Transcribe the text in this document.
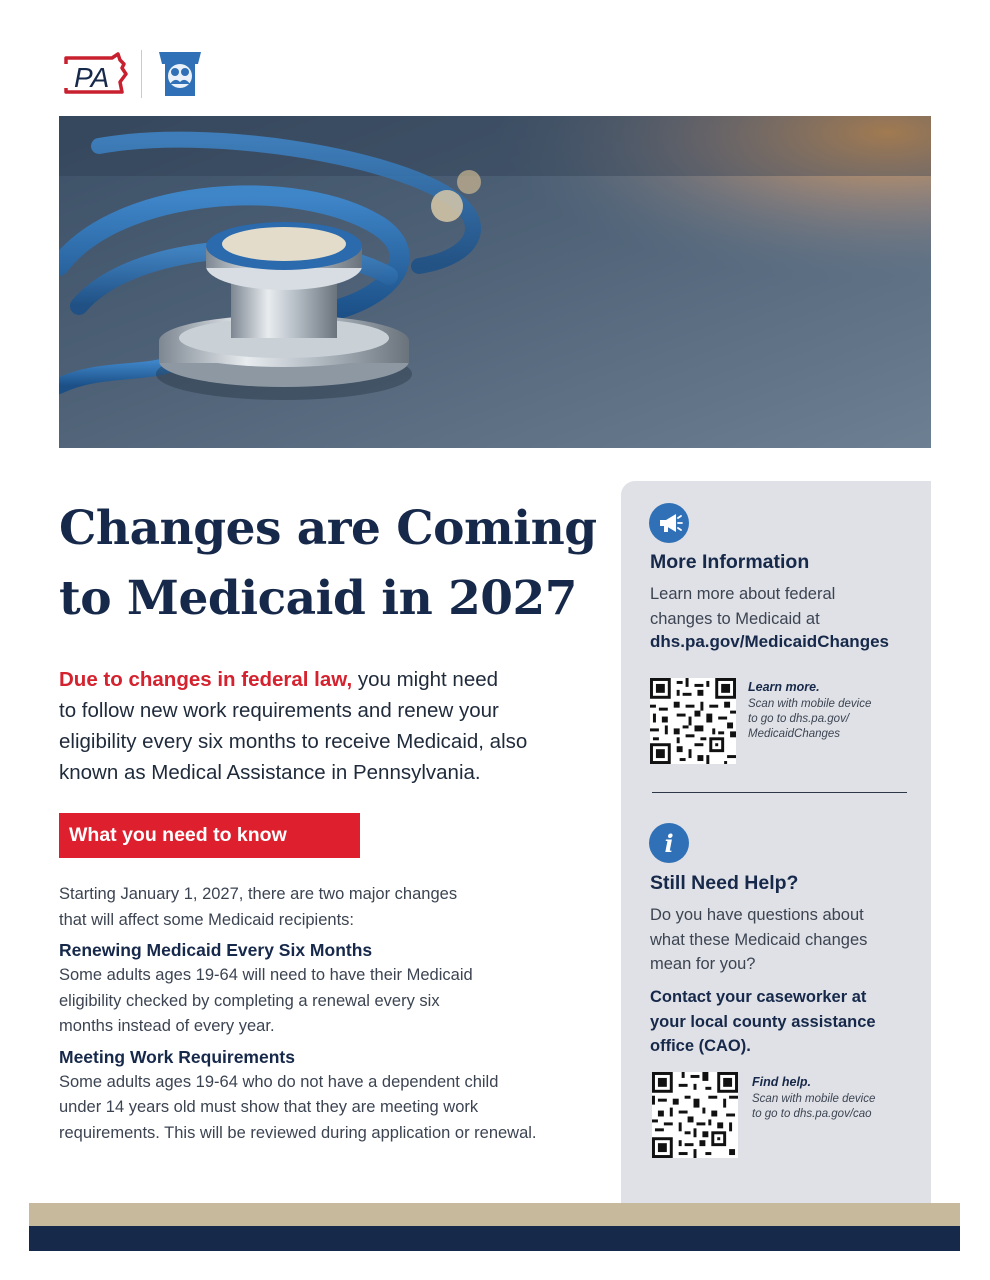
PA
Changes are Coming
to Medicaid in 2027

Due to changes in federal law, you might need
to follow new work requirements and renew your
eligibility every six months to receive Medicaid, also
known as Medical Assistance in Pennsylvania.

What you need to know

Starting January 1, 2027, there are two major changes
that will affect some Medicaid recipients:

Renewing Medicaid Every Six Months

Some adults ages 19-64 will need to have their Medicaid
eligibility checked by completing a renewal every six
months instead of every year.

Meeting Work Requirements

Some adults ages 19-64 who do not have a dependent child
under 14 years old must show that they are meeting work
requirements. This will be reviewed during application or renewal.

More Information

Learn more about federal
changes to Medicaid at

dhs.pa.gov/MedicaidChanges
Learn more.

Scan with mobile device
to go to dhs.pa.gov/
MedicaidChanges

i
Still Need Help?

Do you have questions about
what these Medicaid changes
mean for you?

Contact your caseworker at
your local county assistance
office (CAO).

Find help.

Scan with mobile device
to go to dhs.pa.gov/cao
